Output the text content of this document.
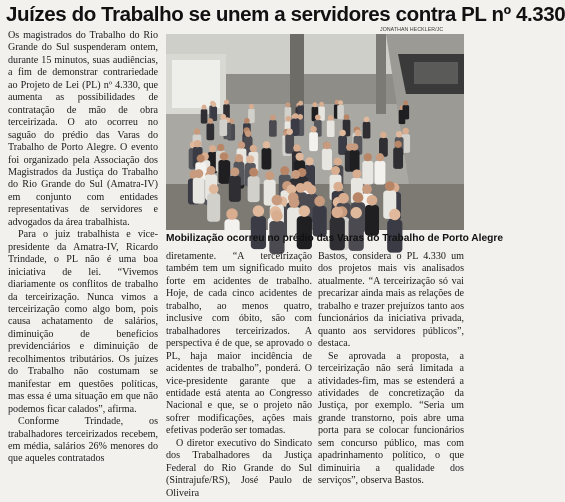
Juízes do Trabalho se unem a servidores contra PL nº 4.330

Os magistrados do Trabalho do Rio Grande do Sul suspenderam ontem, durante 15 minutos, suas audiências, a fim de demonstrar contrariedade ao Projeto de Lei (PL) nº 4.330, que aumenta as possibilidades de contratação de mão de obra terceirizada. O ato ocorreu no saguão do prédio das Varas do Trabalho de Porto Alegre. O evento foi organizado pela Associação dos Magistrados da Justiça do Trabalho do Rio Grande do Sul (Amatra-IV) em conjunto com entidades representativas de servidores e advogados da área trabalhista.

Para o juiz trabalhista e vice-presidente da Amatra-IV, Ricardo Trindade, o PL não é uma boa iniciativa de lei. “Vivemos diariamente os conflitos de trabalho da terceirização. Nunca vimos a terceirização como algo bom, pois causa achatamento de salários, diminuição de benefícios previdenciários e diminuição de recolhimentos tributários. Os juízes do Trabalho não costumam se manifestar em questões políticas, mas essa é uma situação em que não podemos ficar calados”, afirma.

Conforme Trindade, os trabalhadores terceirizados recebem, em média, salários 26% menores do que aqueles contratados

JONATHAN HECKLER/JC
Mobilização ocorreu no prédio das Varas do Trabalho de Porto Alegre

diretamente. “A terceirização também tem um significado muito forte em acidentes de trabalho. Hoje, de cada cinco acidentes de trabalho, ao menos quatro, inclusive com óbito, são com trabalhadores terceirizados. A perspectiva é de que, se aprovado o PL, haja maior incidência de acidentes de trabalho”, ponderá. O vice-presidente garante que a entidade está atenta ao Congresso Nacional e que, se o projeto não sofrer modificações, ações mais efetivas poderão ser tomadas.

O diretor executivo do Sindicato dos Trabalhadores da Justiça Federal do Rio Grande do Sul (Sintrajufe/RS), José Paulo de Oliveira

Bastos, considera o PL 4.330 um dos projetos mais vis analisados atualmente. “A terceirização só vai precarizar ainda mais as relações de trabalho e trazer prejuízos tanto aos funcionários da iniciativa privada, quanto aos servidores públicos”, destaca.

Se aprovada a proposta, a terceirização não será limitada a atividades-fim, mas se estenderá a atividades de concretização da Justiça, por exemplo. “Seria um grande transtorno, pois abre uma porta para se colocar funcionários sem concurso público, mas com apadrinhamento político, o que diminuiria a qualidade dos serviços”, observa Bastos.
